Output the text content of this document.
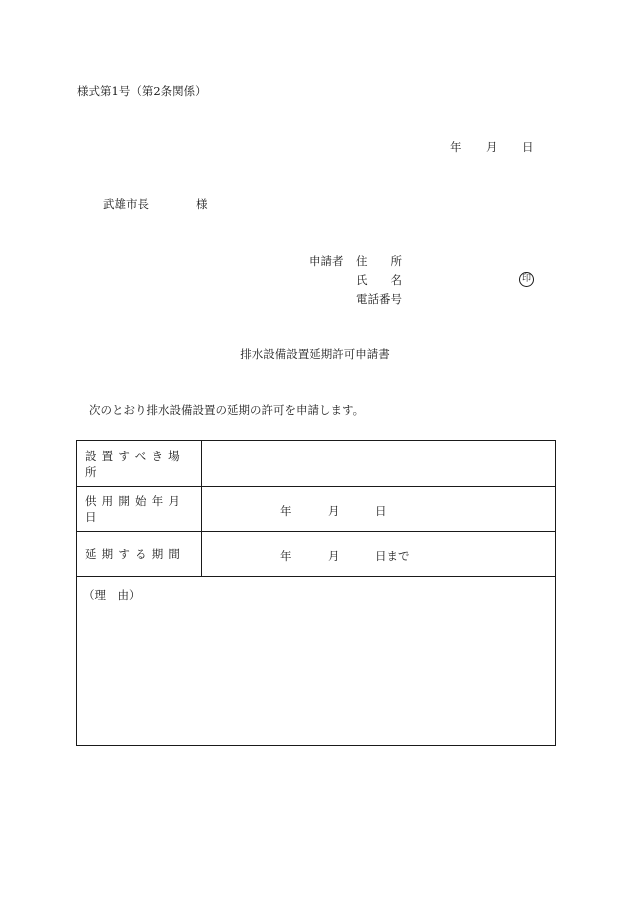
様式第1号（第2条関係）
年 月 日
武雄市長	様
申請者 住 所
氏 名	印
電話番号
排水設備設置延期許可申請書
次のとおり排水設備設置の延期の許可を申請します。
設置すべき場所
供用開始年月日	年	月	日
延期する期間	年	月	日まで
（理　由）
